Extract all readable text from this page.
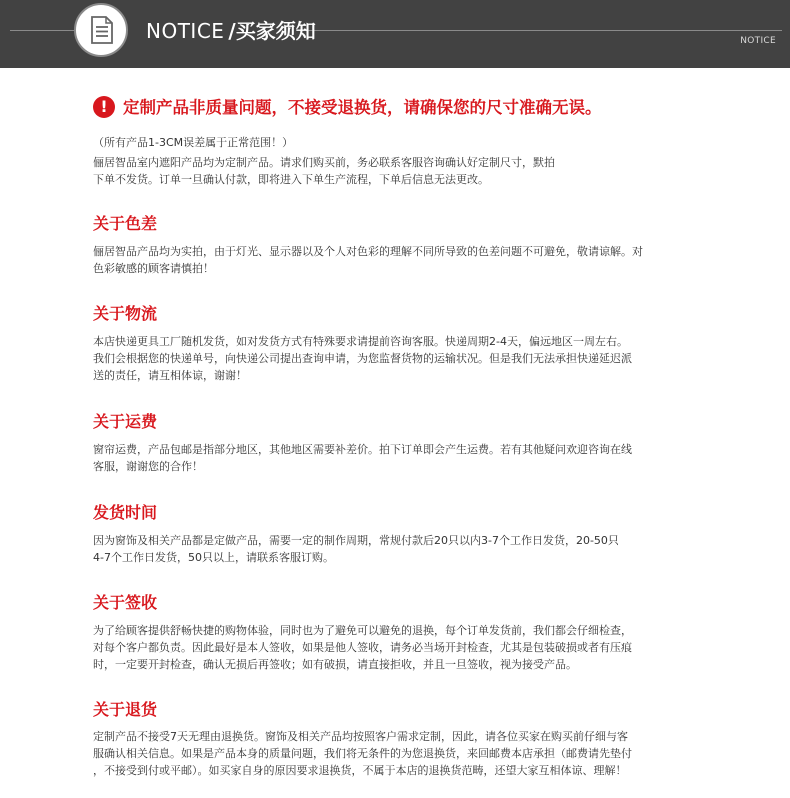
NOTICE /买家须知	NOTICE
! 定制产品非质量问题，不接受退换货，请确保您的尺寸准确无误。
（所有产品1-3CM误差属于正常范围！）
俪居智品室内遮阳产品均为定制产品。请求们购买前，务必联系客服咨询确认好定制尺寸，默拍
下单不发货。订单一旦确认付款，即将进入下单生产流程，下单后信息无法更改。
关于色差
俪居智品产品均为实拍，由于灯光、显示器以及个人对色彩的理解不同所导致的色差问题不可避免，敬请谅解。对
色彩敏感的顾客请慎拍！
关于物流
本店快递更具工厂随机发货，如对发货方式有特殊要求请提前咨询客服。快递周期2-4天，偏远地区一周左右。
我们会根据您的快递单号，向快递公司提出查询申请，为您监督货物的运输状况。但是我们无法承担快递延迟派
送的责任，请互相体谅，谢谢！
关于运费
窗帘运费，产品包邮是指部分地区，其他地区需要补差价。拍下订单即会产生运费。若有其他疑问欢迎咨询在线
客服，谢谢您的合作！
发货时间
因为窗饰及相关产品都是定做产品，需要一定的制作周期，常规付款后20只以内3-7个工作日发货，20-50只
4-7个工作日发货，50只以上，请联系客服订购。
关于签收
为了给顾客提供舒畅快捷的购物体验，同时也为了避免可以避免的退换，每个订单发货前，我们都会仔细检查，
对每个客户都负责。因此最好是本人签收，如果是他人签收，请务必当场开封检查，尤其是包装破损或者有压痕
时，一定要开封检查，确认无损后再签收；如有破损，请直接拒收，并且一旦签收，视为接受产品。
关于退货
定制产品不接受7天无理由退换货。窗饰及相关产品均按照客户需求定制，因此，请各位买家在购买前仔细与客
服确认相关信息。如果是产品本身的质量问题，我们将无条件的为您退换货，来回邮费本店承担（邮费请先垫付
，不接受到付或平邮）。如买家自身的原因要求退换货，不属于本店的退换货范畴，还望大家互相体谅、理解！
